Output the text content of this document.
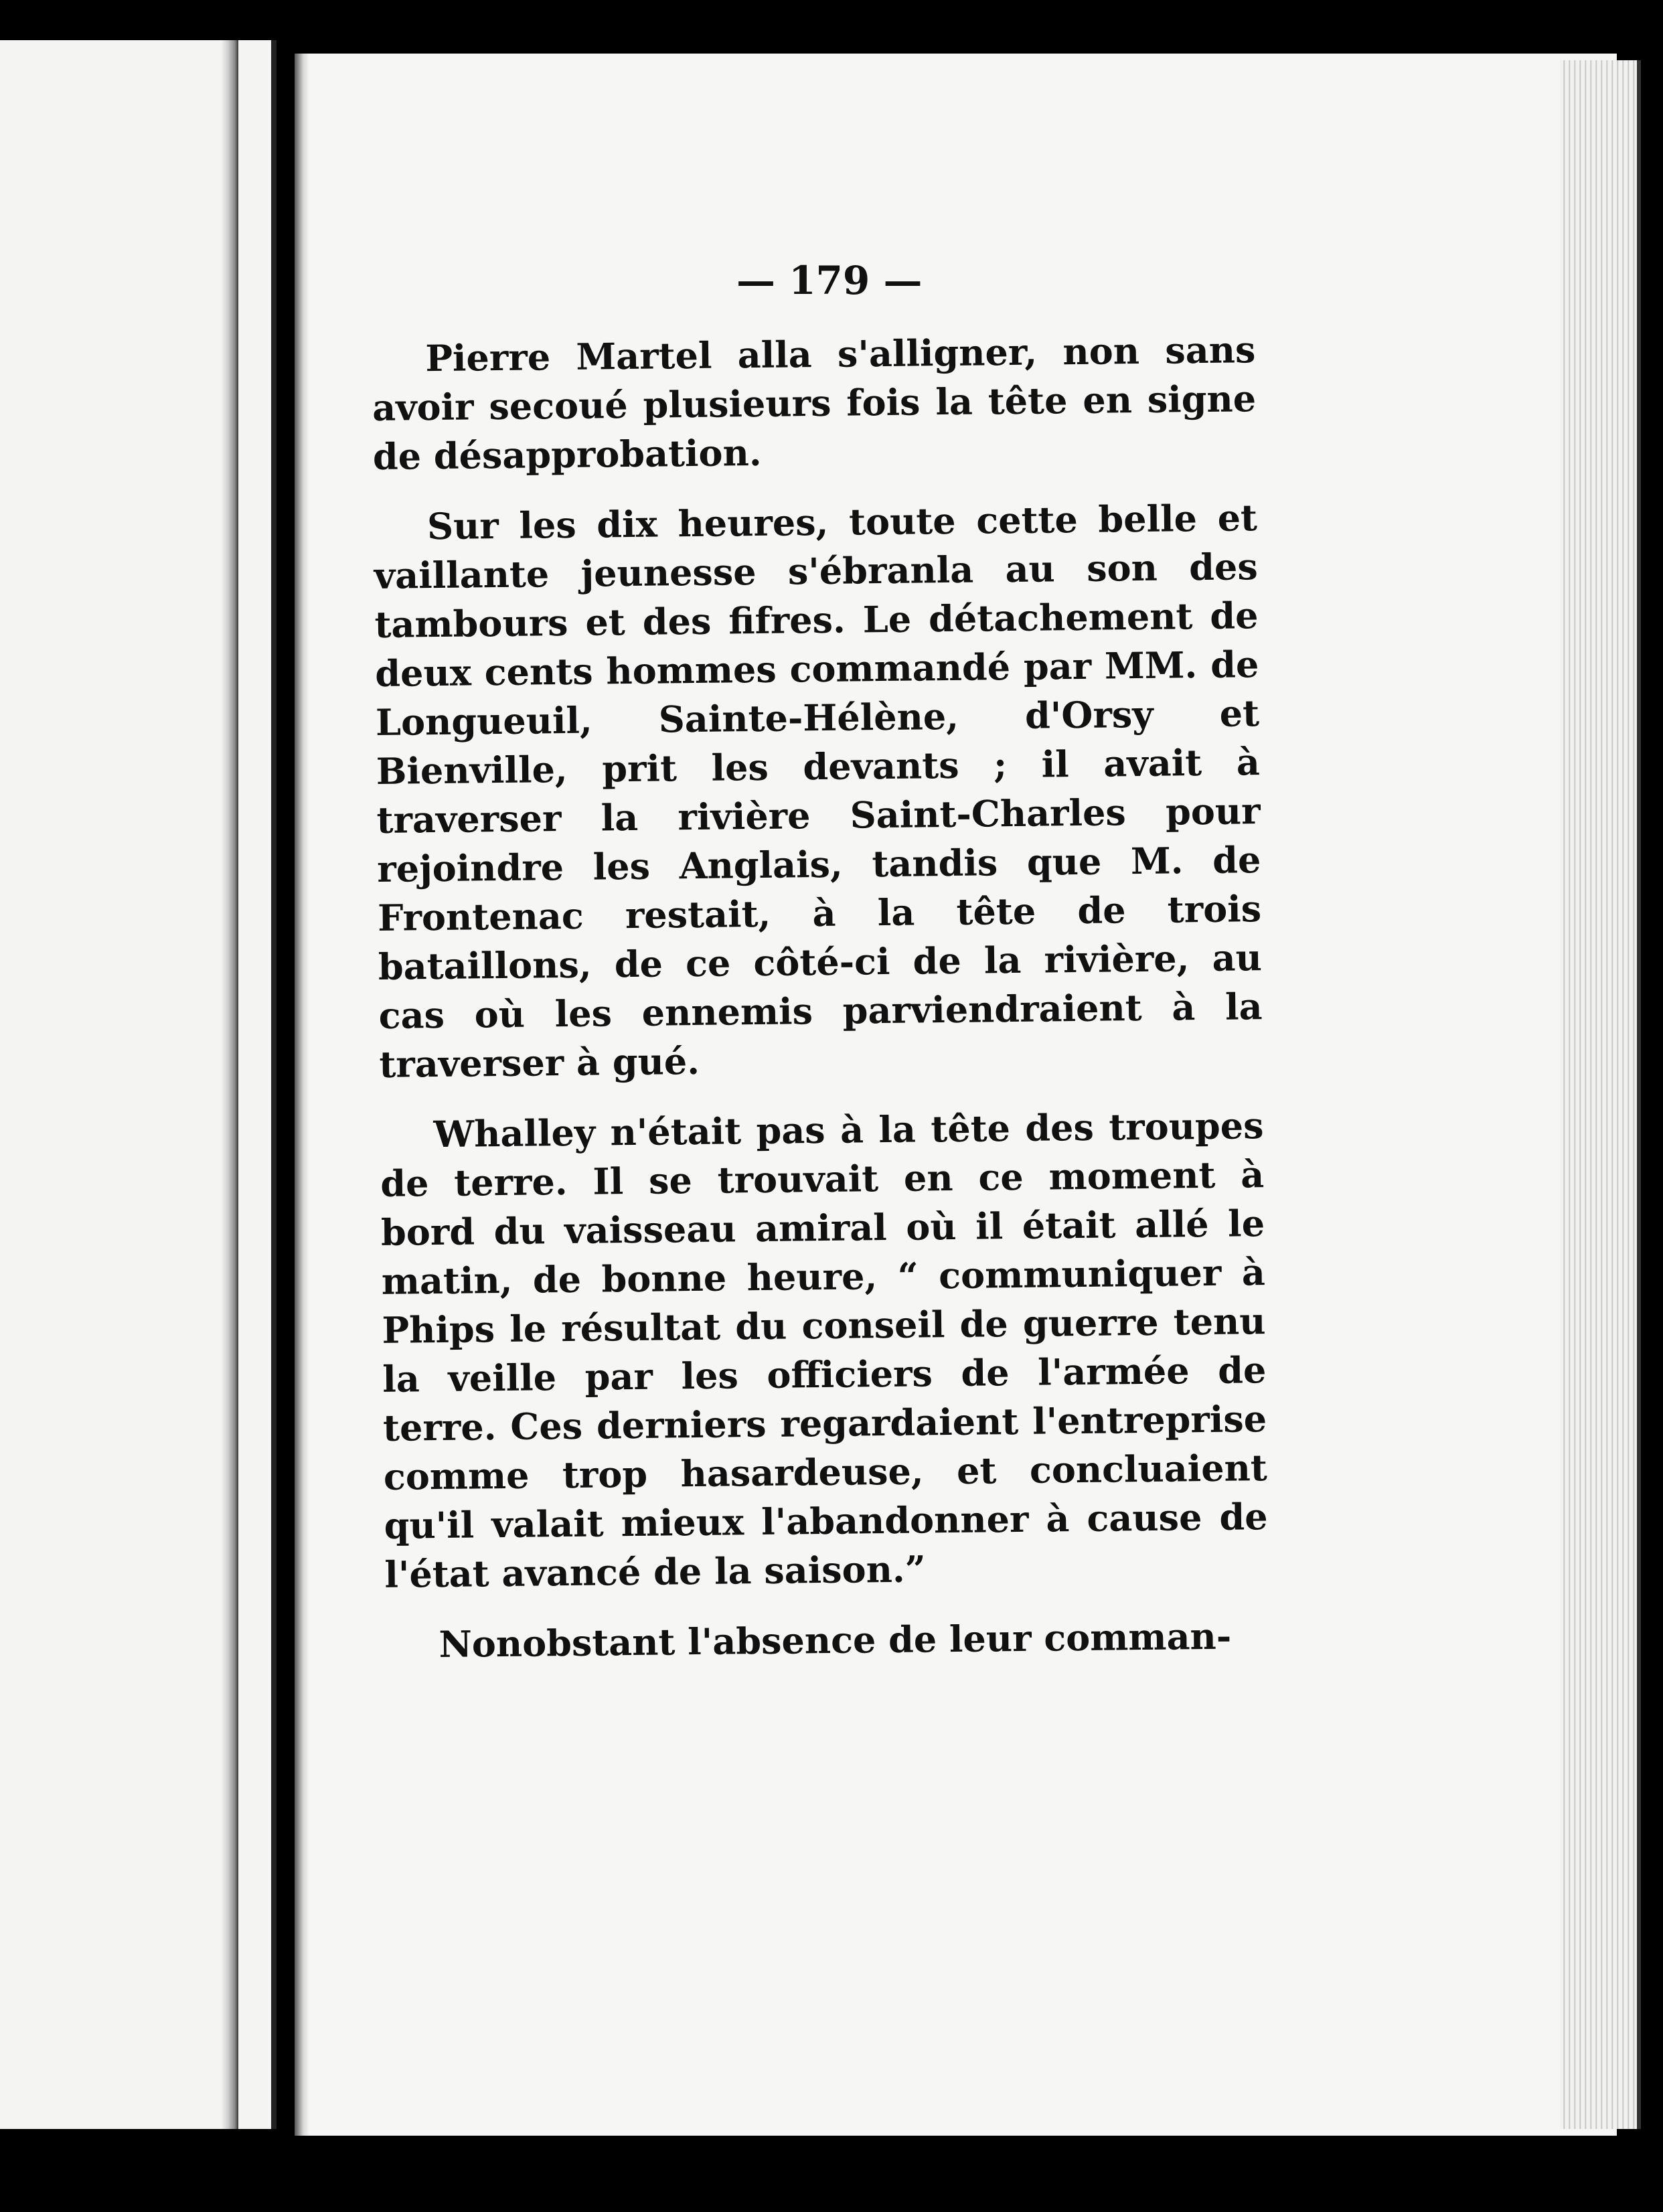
— 179 —

Pierre Martel alla s'alligner, non sans avoir secoué plusieurs fois la tête en signe de désapprobation.

Sur les dix heures, toute cette belle et vaillante jeunesse s'ébranla au son des tambours et des fifres. Le détachement de deux cents hommes commandé par MM. de Longueuil, Sainte-Hélène, d'Orsy et Bienville, prit les devants ; il avait à traverser la rivière Saint-Charles pour rejoindre les Anglais, tandis que M. de Frontenac restait, à la tête de trois bataillons, de ce côté-ci de la rivière, au cas où les ennemis parviendraient à la traverser à gué.

Whalley n'était pas à la tête des troupes de terre. Il se trouvait en ce moment à bord du vaisseau amiral où il était allé le matin, de bonne heure, “ communiquer à Phips le résultat du conseil de guerre tenu la veille par les officiers de l'armée de terre. Ces derniers regardaient l'entreprise comme trop hasardeuse, et concluaient qu'il valait mieux l'abandonner à cause de l'état avancé de la saison.”

Nonobstant l'absence de leur comman-
